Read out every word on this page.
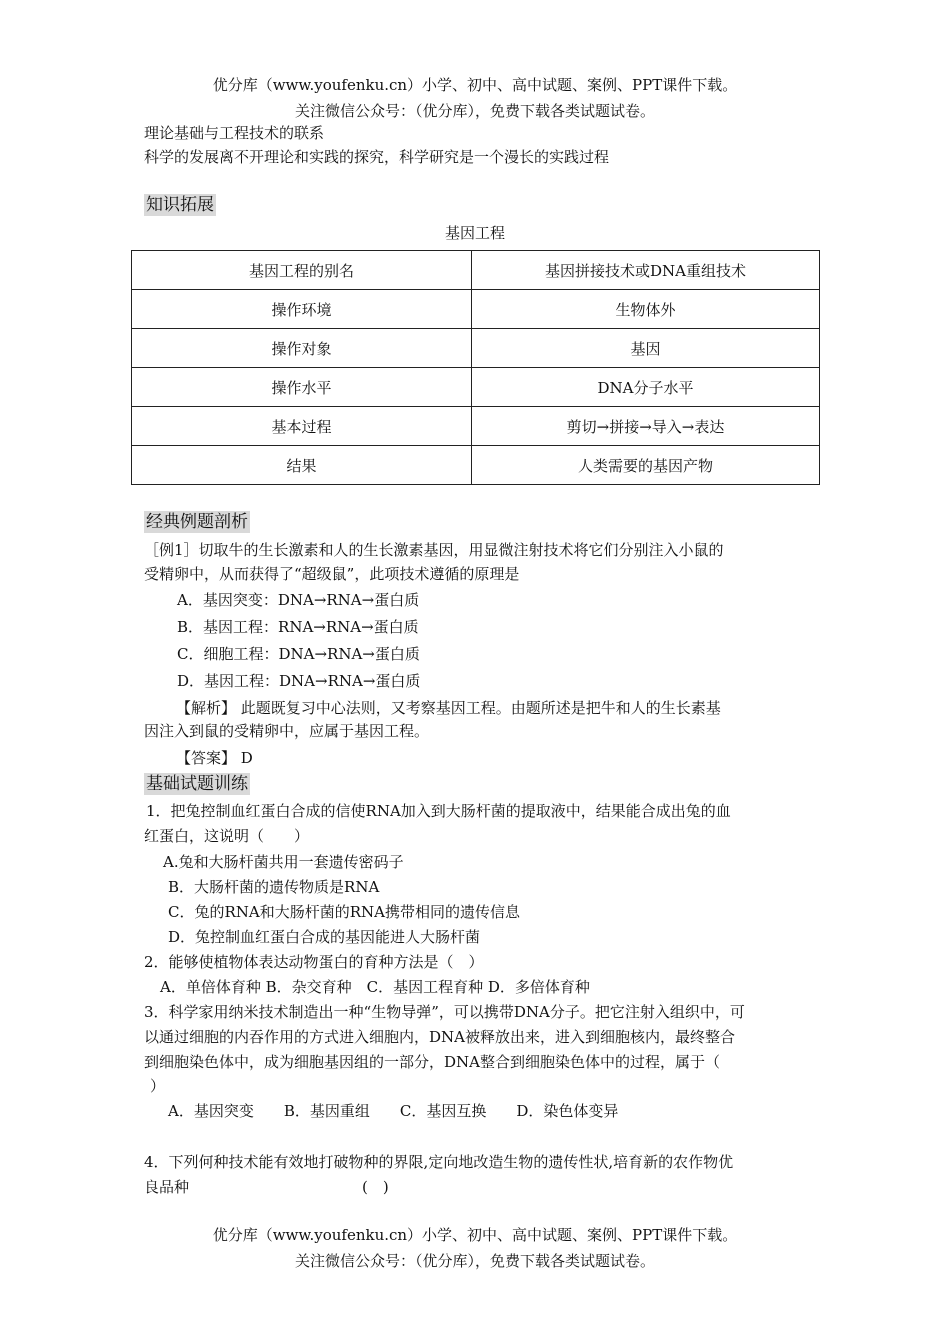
优分库（www.youfenku.cn）小学、初中、高中试题、案例、PPT课件下载。
关注微信公众号：（优分库），免费下载各类试题试卷。
理论基础与工程技术的联系
科学的发展离不开理论和实践的探究，科学研究是一个漫长的实践过程
知识拓展
基因工程
基因工程的别名	基因拼接技术或DNA重组技术
操作环境	生物体外
操作对象	基因
操作水平	DNA分子水平
基本过程	剪切→拼接→导入→表达
结果	人类需要的基因产物
经典例题剖析
［例1］切取牛的生长激素和人的生长激素基因，用显微注射技术将它们分别注入小鼠的
受精卵中，从而获得了“超级鼠”，此项技术遵循的原理是
A．基因突变：DNA→RNA→蛋白质
B．基因工程：RNA→RNA→蛋白质
C．细胞工程：DNA→RNA→蛋白质
D．基因工程：DNA→RNA→蛋白质
【解析】 此题既复习中心法则，又考察基因工程。由题所述是把牛和人的生长素基
因注入到鼠的受精卵中，应属于基因工程。
【答案】 D
基础试题训练
1．把兔控制血红蛋白合成的信使RNA加入到大肠杆菌的提取液中，结果能合成出兔的血
红蛋白，这说明（　　）
A.兔和大肠杆菌共用一套遗传密码子
B．大肠杆菌的遗传物质是RNA
C．兔的RNA和大肠杆菌的RNA携带相同的遗传信息
D．兔控制血红蛋白合成的基因能进人大肠杆菌
2．能够使植物体表达动物蛋白的育种方法是（　）
A．单倍体育种 B．杂交育种　C．基因工程育种 D．多倍体育种
3．科学家用纳米技术制造出一种“生物导弹”，可以携带DNA分子。把它注射入组织中，可
以通过细胞的内吞作用的方式进入细胞内，DNA被释放出来，进入到细胞核内，最终整合
到细胞染色体中，成为细胞基因组的一部分，DNA整合到细胞染色体中的过程，属于（
）
A．基因突变　　B．基因重组　　C．基因互换　　D．染色体变异
4．下列何种技术能有效地打破物种的界限,定向地改造生物的遗传性状,培育新的农作物优
良品种	(　)
优分库（www.youfenku.cn）小学、初中、高中试题、案例、PPT课件下载。
关注微信公众号：（优分库），免费下载各类试题试卷。
